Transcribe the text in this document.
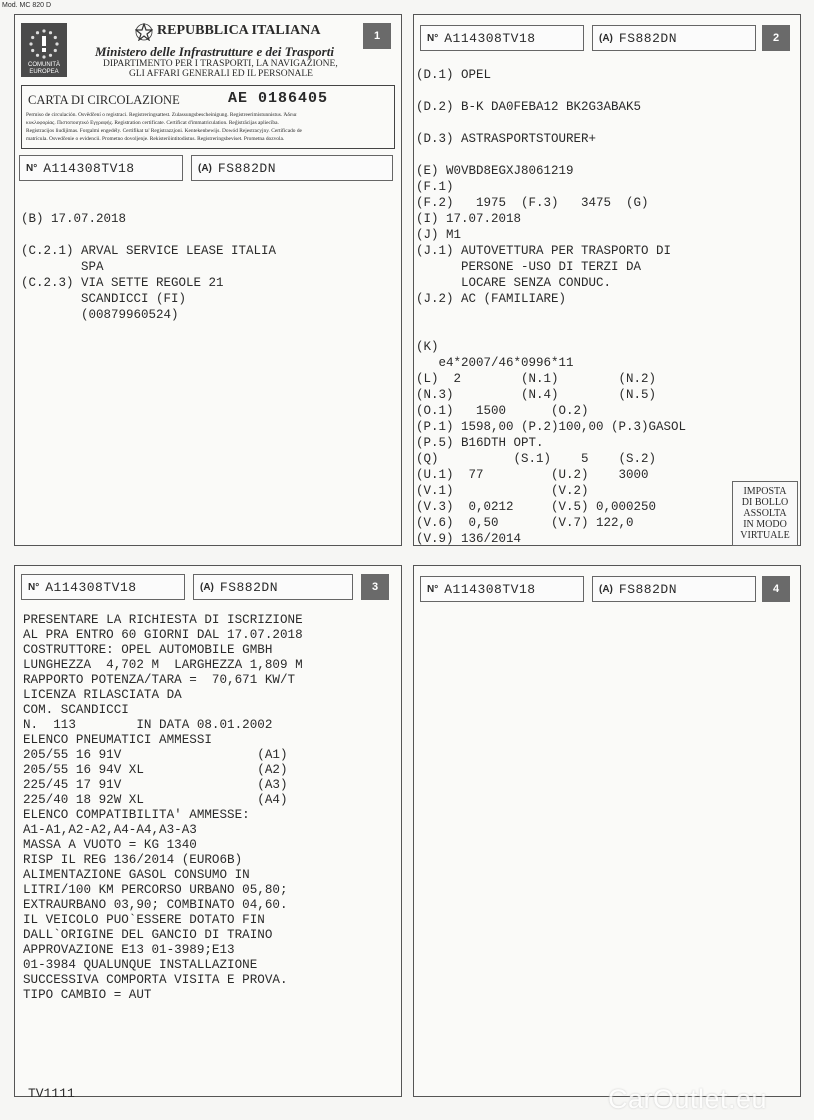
Mod. MC 820 D
1
COMUNITÀ EUROPEA
REPUBBLICA ITALIANA
Ministero delle Infrastrutture e dei Trasporti
DIPARTIMENTO PER I TRASPORTI, LA NAVIGAZIONE,
GLI AFFARI GENERALI ED IL PERSONALE
CARTA DI CIRCOLAZIONE	AE 0186405
Permiso de circulación. Osvědčení o registraci. Registreringsattest. Zulassungsbescheinigung. Registreerimistunnistus. Άδεια
κυκλοφορίας. Πιστοποιητικό Εγγραφής. Registration certificate. Certificat d'immatriculation. Reģistrācijas apliecība.
Registracijos liudijimas. Forgalmi engedély. Certifikat ta' Registrazzjoni. Kentekenbewijs. Dowód Rejestracyjny. Certificado de
matrícula. Osvedčenie o evidencii. Prometno dovoljenje. Rekisteröintitodistus. Registreringsbeviset. Prometna dozvola.
N° A114308TV18	(A) FS882DN
(B) 17.07.2018
(C.2.1) ARVAL SERVICE LEASE ITALIA
SPA
(C.2.3) VIA SETTE REGOLE 21
SCANDICCI (FI)
(00879960524)
2
N° A114308TV18	(A) FS882DN
(D.1) OPEL
(D.2) B-K DA0FEBA12 BK2G3ABAK5
(D.3) ASTRASPORTSTOURER+
(E) W0VBD8EGXJ8061219
(F.1)
(F.2)   1975  (F.3)   3475  (G)
(I) 17.07.2018
(J) M1
(J.1) AUTOVETTURA PER TRASPORTO DI
PERSONE -USO DI TERZI DA
LOCARE SENZA CONDUC.
(J.2) AC (FAMILIARE)
(K)
e4*2007/46*0996*11
(L)  2        (N.1)        (N.2)
(N.3)         (N.4)        (N.5)
(O.1)   1500      (O.2)
(P.1) 1598,00 (P.2)100,00 (P.3)GASOL
(P.5) B16DTH OPT.
(Q)          (S.1)    5    (S.2)
(U.1)  77         (U.2)    3000
(V.1)             (V.2)
(V.3)  0,0212     (V.5) 0,000250
(V.6)  0,50       (V.7) 122,0
(V.9) 136/2014
IMPOSTA
DI BOLLO
ASSOLTA
IN MODO
VIRTUALE
3
N° A114308TV18	(A) FS882DN
PRESENTARE LA RICHIESTA DI ISCRIZIONE
AL PRA ENTRO 60 GIORNI DAL 17.07.2018
COSTRUTTORE: OPEL AUTOMOBILE GMBH
LUNGHEZZA  4,702 M  LARGHEZZA 1,809 M
RAPPORTO POTENZA/TARA =  70,671 KW/T
LICENZA RILASCIATA DA
COM. SCANDICCI
N.  113        IN DATA 08.01.2002
ELENCO PNEUMATICI AMMESSI
205/55 16 91V                  (A1)
205/55 16 94V XL               (A2)
225/45 17 91V                  (A3)
225/40 18 92W XL               (A4)
ELENCO COMPATIBILITA' AMMESSE:
A1-A1,A2-A2,A4-A4,A3-A3
MASSA A VUOTO = KG 1340
RISP IL REG 136/2014 (EURO6B)
ALIMENTAZIONE GASOL CONSUMO IN
LITRI/100 KM PERCORSO URBANO 05,80;
EXTRAURBANO 03,90; COMBINATO 04,60.
IL VEICOLO PUO`ESSERE DOTATO FIN
DALL`ORIGINE DEL GANCIO DI TRAINO
APPROVAZIONE E13 01-3989;E13
01-3984 QUALUNQUE INSTALLAZIONE
SUCCESSIVA COMPORTA VISITA E PROVA.
TIPO CAMBIO = AUT
4
N° A114308TV18	(A) FS882DN
TV1111	CarOutlet.eu
